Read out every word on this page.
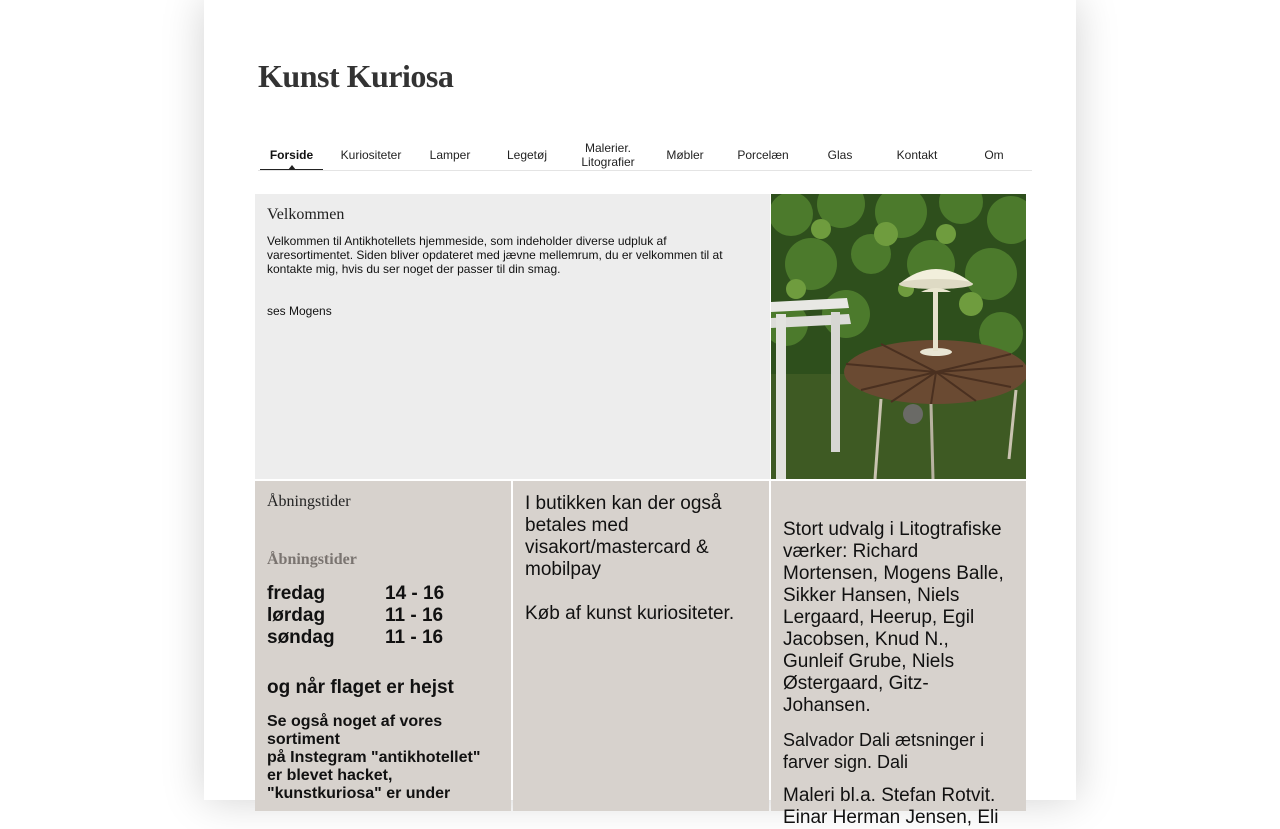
Kunst Kuriosa
Forside	Kuriositeter	Lamper	Legetøj	Malerier. Litografier	Møbler	Porcelæn	Glas	Kontakt	Om
Velkommen

Velkommen til Antikhotellets hjemmeside, som indeholder diverse udpluk af varesortimentet. Siden bliver opdateret med jævne mellemrum, du er velkommen til at kontakte mig, hvis du ser noget der passer til din smag.

ses Mogens

Åbningstider
Åbningstider
fredag	14 - 16
lørdag	11 - 16
søndag	11 - 16
og når flaget er hejst

Se også noget af vores sortiment
på Instegram "antikhotellet"
er blevet hacket,
"kunstkuriosa" er under

I butikken kan der også betales med visakort/mastercard & mobilpay

Køb af kunst kuriositeter.

Stort udvalg i Litogtrafiske værker: Richard Mortensen, Mogens Balle, Sikker Hansen, Niels Lergaard, Heerup, Egil Jacobsen, Knud N., Gunleif Grube, Niels Østergaard, Gitz-Johansen.

Salvador Dali ætsninger i farver sign. Dali

Maleri bl.a. Stefan Rotvit. Einar Herman Jensen, Eli
